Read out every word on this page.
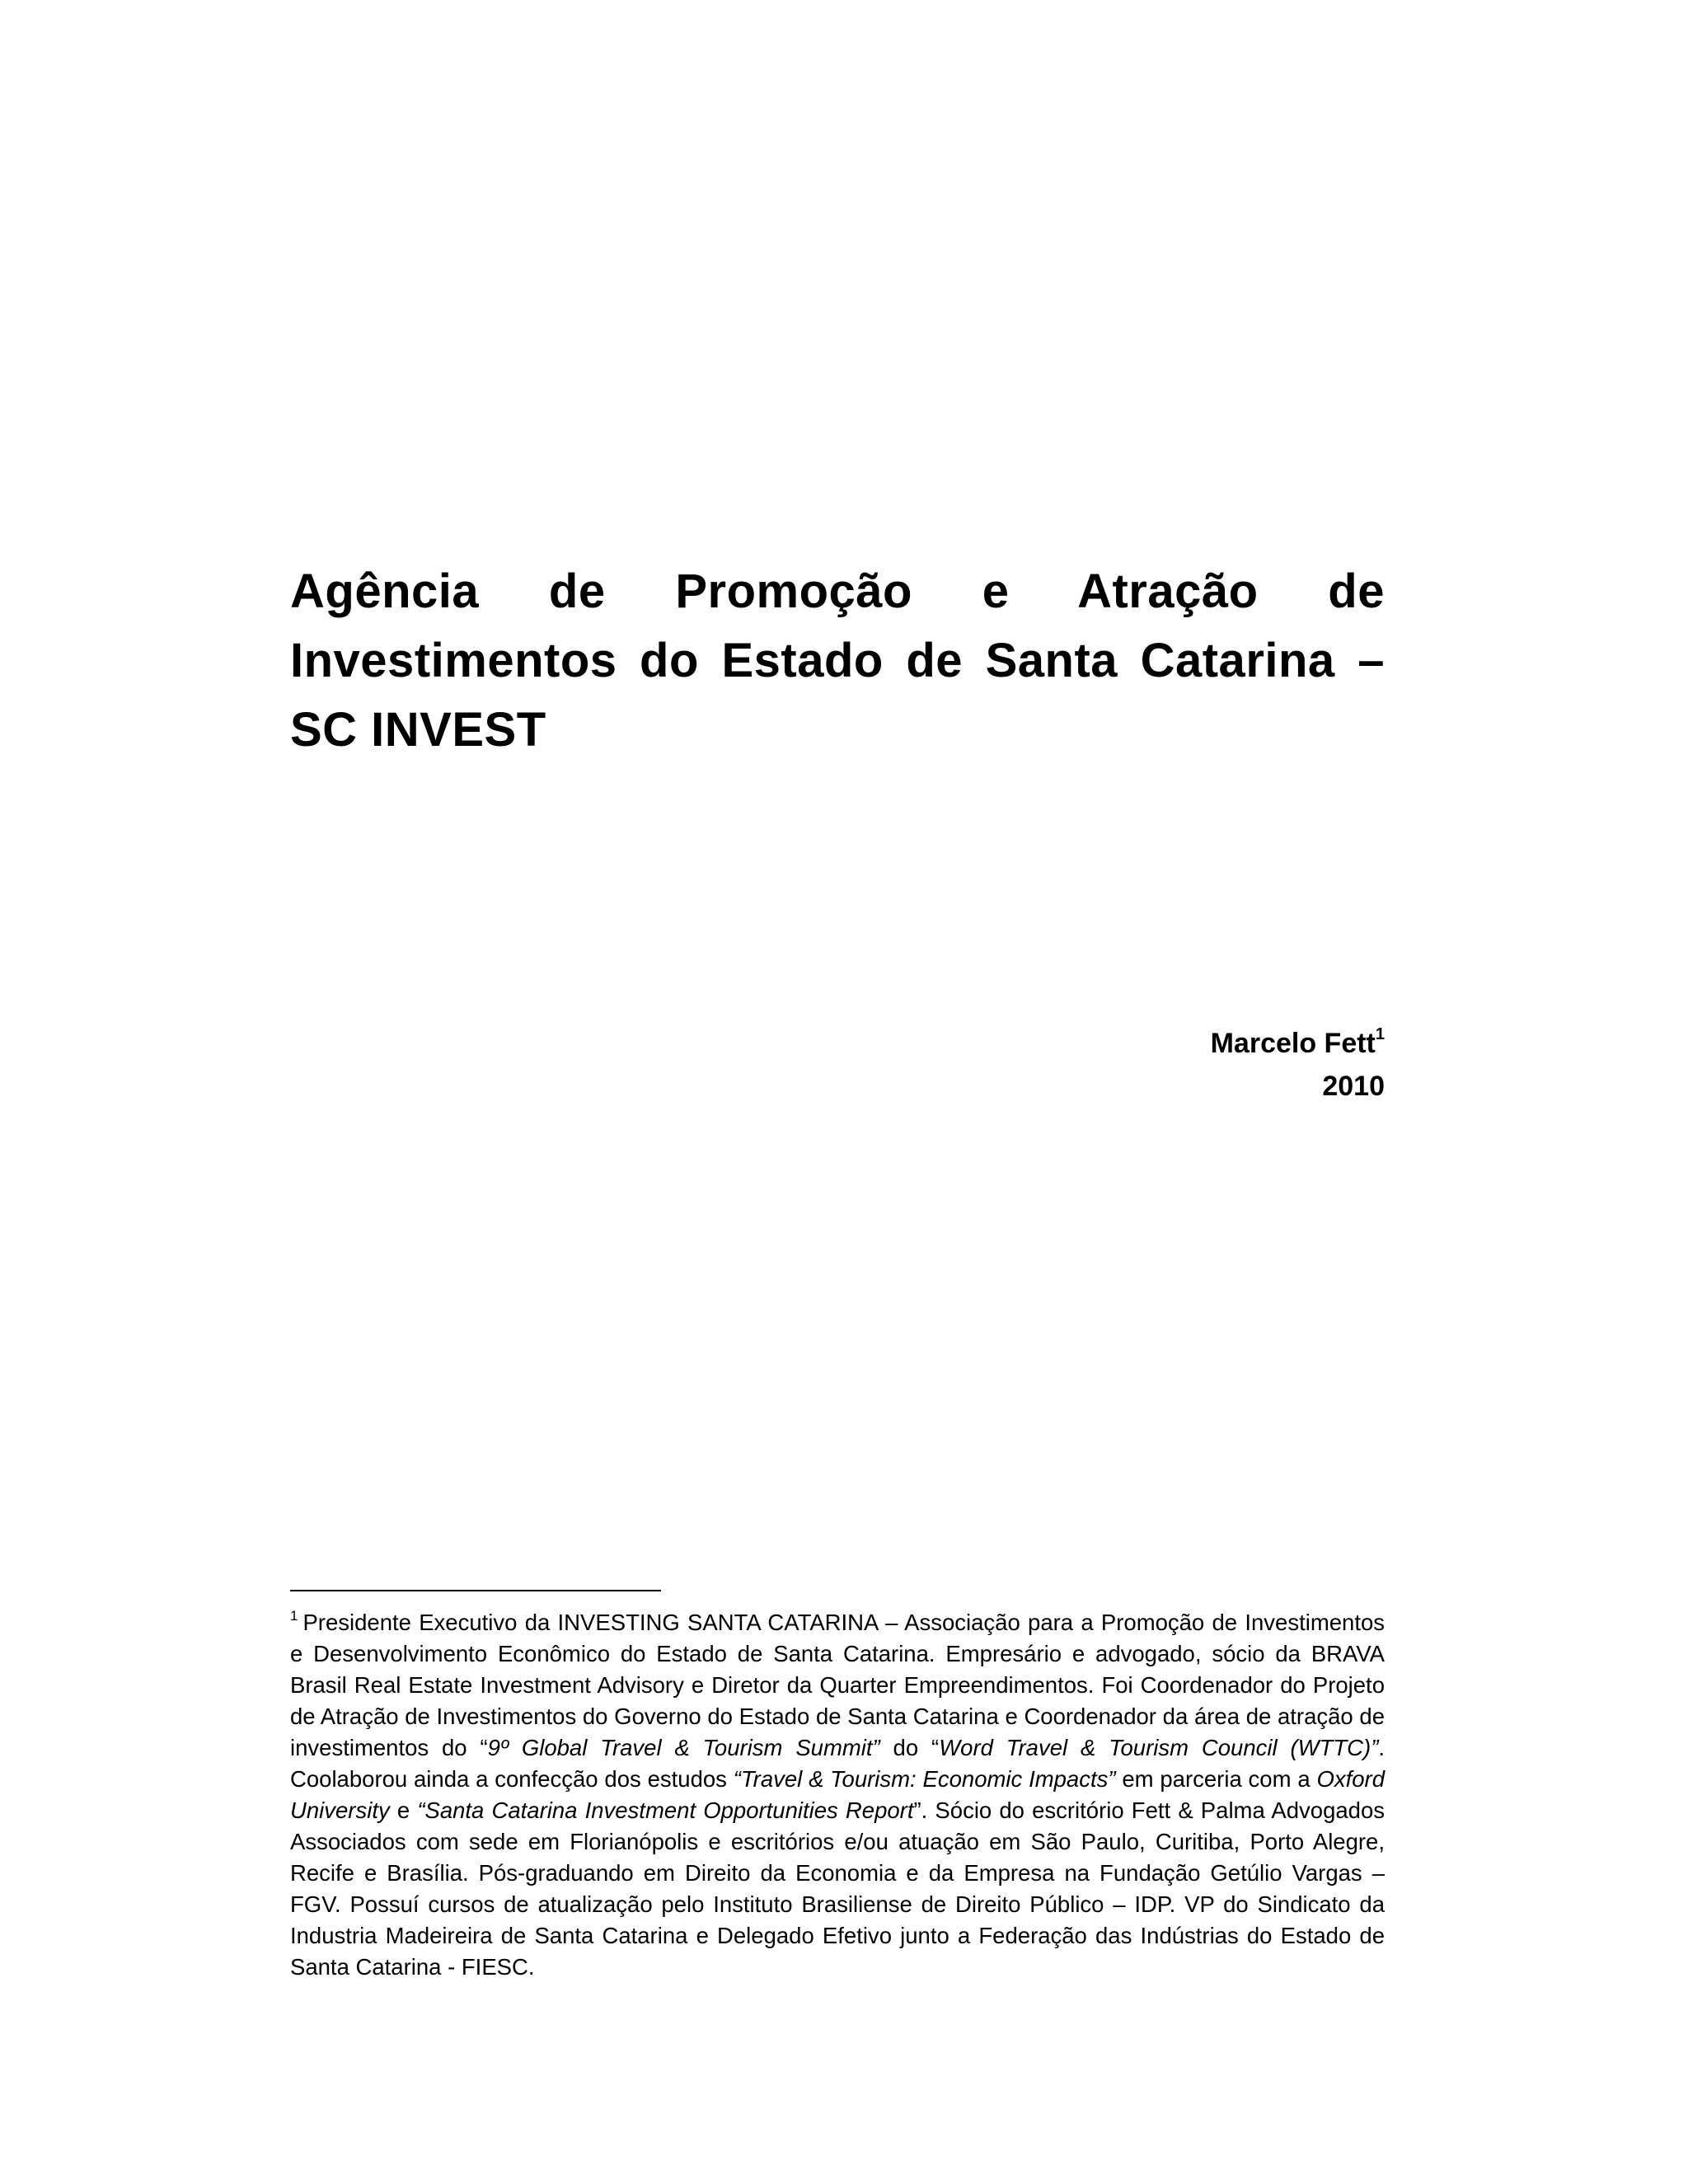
Agência de Promoção e Atração de
Investimentos do Estado de Santa Catarina –
SC INVEST
Marcelo Fett$^1$
2010

$^1$ Presidente Executivo da INVESTING SANTA CATARINA – Associação para a Promoção de Investimentos e Desenvolvimento Econômico do Estado de Santa Catarina. Empresário e advogado, sócio da BRAVA Brasil Real Estate Investment Advisory e Diretor da Quarter Empreendimentos. Foi Coordenador do Projeto de Atração de Investimentos do Governo do Estado de Santa Catarina e Coordenador da área de atração de investimentos do “9º Global Travel & Tourism Summit” do “Word Travel & Tourism Council (WTTC)”. Coolaborou ainda a confecção dos estudos “Travel & Tourism: Economic Impacts” em parceria com a Oxford University e “Santa Catarina Investment Opportunities Report”. Sócio do escritório Fett & Palma Advogados Associados com sede em Florianópolis e escritórios e/ou atuação em São Paulo, Curitiba, Porto Alegre, Recife e Brasília. Pós-graduando em Direito da Economia e da Empresa na Fundação Getúlio Vargas – FGV. Possuí cursos de atualização pelo Instituto Brasiliense de Direito Público – IDP. VP do Sindicato da Industria Madeireira de Santa Catarina e Delegado Efetivo junto a Federação das Indústrias do Estado de Santa Catarina - FIESC.
